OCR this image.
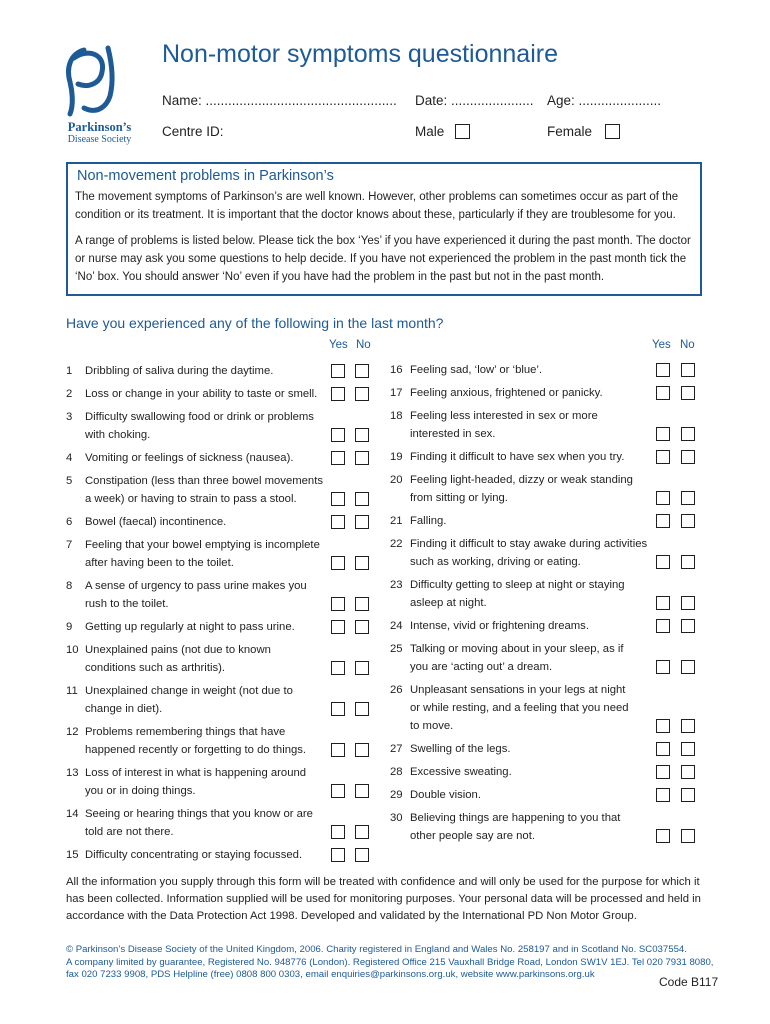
Parkinson’s
Disease Society
Non-motor symptoms questionnaire
Name: ................................................... Date: ...................... Age: ......................
Centre ID:	Male	Female
Non-movement problems in Parkinson’s
The movement symptoms of Parkinson’s are well known. However, other problems can sometimes occur as part of the condition or its treatment. It is important that the doctor knows about these, particularly if they are troublesome for you.
A range of problems is listed below. Please tick the box ‘Yes’ if you have experienced it during the past month. The doctor or nurse may ask you some questions to help decide. If you have not experienced the problem in the past month tick the ‘No’ box. You should answer ‘No’ even if you have had the problem in the past but not in the past month.
Have you experienced any of the following in the last month?
Yes No	Yes No
1 Dribbling of saliva during the daytime.
2 Loss or change in your ability to taste or smell.
3 Difficulty swallowing food or drink or problems
with choking.
4 Vomiting or feelings of sickness (nausea).
5 Constipation (less than three bowel movements
a week) or having to strain to pass a stool.
6 Bowel (faecal) incontinence.
7 Feeling that your bowel emptying is incomplete
after having been to the toilet.
8 A sense of urgency to pass urine makes you
rush to the toilet.
9 Getting up regularly at night to pass urine.
10 Unexplained pains (not due to known
conditions such as arthritis).
11 Unexplained change in weight (not due to
change in diet).
12 Problems remembering things that have
happened recently or forgetting to do things.
13 Loss of interest in what is happening around
you or in doing things.
14 Seeing or hearing things that you know or are
told are not there.
15 Difficulty concentrating or staying focussed.
16 Feeling sad, ‘low’ or ‘blue’.
17 Feeling anxious, frightened or panicky.
18 Feeling less interested in sex or more
interested in sex.
19 Finding it difficult to have sex when you try.
20 Feeling light-headed, dizzy or weak standing
from sitting or lying.
21 Falling.
22 Finding it difficult to stay awake during activities
such as working, driving or eating.
23 Difficulty getting to sleep at night or staying
asleep at night.
24 Intense, vivid or frightening dreams.
25 Talking or moving about in your sleep, as if
you are ‘acting out’ a dream.
26 Unpleasant sensations in your legs at night
or while resting, and a feeling that you need
to move.
27 Swelling of the legs.
28 Excessive sweating.
29 Double vision.
30 Believing things are happening to you that
other people say are not.
All the information you supply through this form will be treated with confidence and will only be used for the purpose for which it has been collected. Information supplied will be used for monitoring purposes. Your personal data will be processed and held in accordance with the Data Protection Act 1998. Developed and validated by the International PD Non Motor Group.
© Parkinson’s Disease Society of the United Kingdom, 2006. Charity registered in England and Wales No. 258197 and in Scotland No. SC037554.
A company limited by guarantee, Registered No. 948776 (London). Registered Office 215 Vauxhall Bridge Road, London SW1V 1EJ. Tel 020 7931 8080,
fax 020 7233 9908, PDS Helpline (free) 0808 800 0303, email enquiries@parkinsons.org.uk, website www.parkinsons.org.uk
Code B117
